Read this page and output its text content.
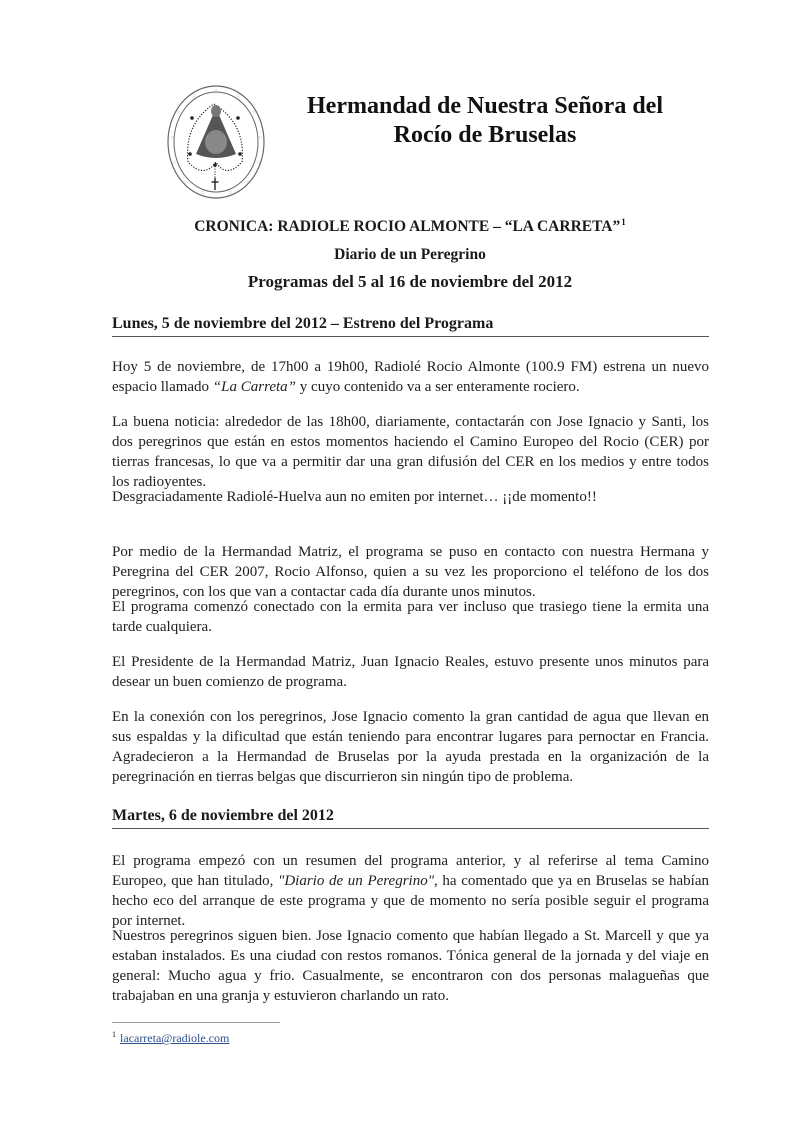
☆
☆	☆
☆	☆
☆	☆
☆	☆
☆	☆
☆	☆
Hermandad de Nuestra Señora del
Rocío de Bruselas
CRONICA: RADIOLE ROCIO ALMONTE – “LA CARRETA”$^1$
Diario de un Peregrino
Programas del 5 al 16 de noviembre del 2012
Lunes, 5 de noviembre del 2012 – Estreno del Programa
Hoy 5 de noviembre, de 17h00 a 19h00, Radiolé Rocio Almonte (100.9 FM) estrena un nuevo espacio llamado “La Carreta” y cuyo contenido va a ser enteramente rociero.
La buena noticia: alrededor de las 18h00, diariamente, contactarán con Jose Ignacio y Santi, los dos peregrinos que están en estos momentos haciendo el Camino Europeo del Rocio (CER) por tierras francesas, lo que va a permitir dar una gran difusión del CER en los medios y entre todos los radioyentes.
Desgraciadamente Radiolé-Huelva aun no emiten por internet… ¡¡de momento!!
Por medio de la Hermandad Matriz, el programa se puso en contacto con nuestra Hermana y Peregrina del CER 2007, Rocio Alfonso, quien a su vez les proporciono el teléfono de los dos peregrinos, con los que van a contactar cada día durante unos minutos.
El programa comenzó conectado con la ermita para ver incluso que trasiego tiene la ermita una tarde cualquiera.
El Presidente de la Hermandad Matriz, Juan Ignacio Reales, estuvo presente unos minutos para desear un buen comienzo de programa.
En la conexión con los peregrinos, Jose Ignacio comento la gran cantidad de agua que llevan en sus espaldas y la dificultad que están teniendo para encontrar lugares para pernoctar en Francia. Agradecieron a la Hermandad de Bruselas por la ayuda prestada en la organización de la peregrinación en tierras belgas que discurrieron sin ningún tipo de problema.
Martes, 6 de noviembre del 2012
El programa empezó con un resumen del programa anterior, y al referirse al tema Camino Europeo, que han titulado, "Diario de un Peregrino", ha comentado que ya en Bruselas se habían hecho eco del arranque de este programa y que de momento no sería posible seguir el programa por internet.
Nuestros peregrinos siguen bien. Jose Ignacio comento que habían llegado a St. Marcell y que ya estaban instalados. Es una ciudad con restos romanos. Tónica general de la jornada y del viaje en general: Mucho agua y frio. Casualmente, se encontraron con dos personas malagueñas que trabajaban en una granja y estuvieron charlando un rato.
$^1$ lacarreta@radiole.com
